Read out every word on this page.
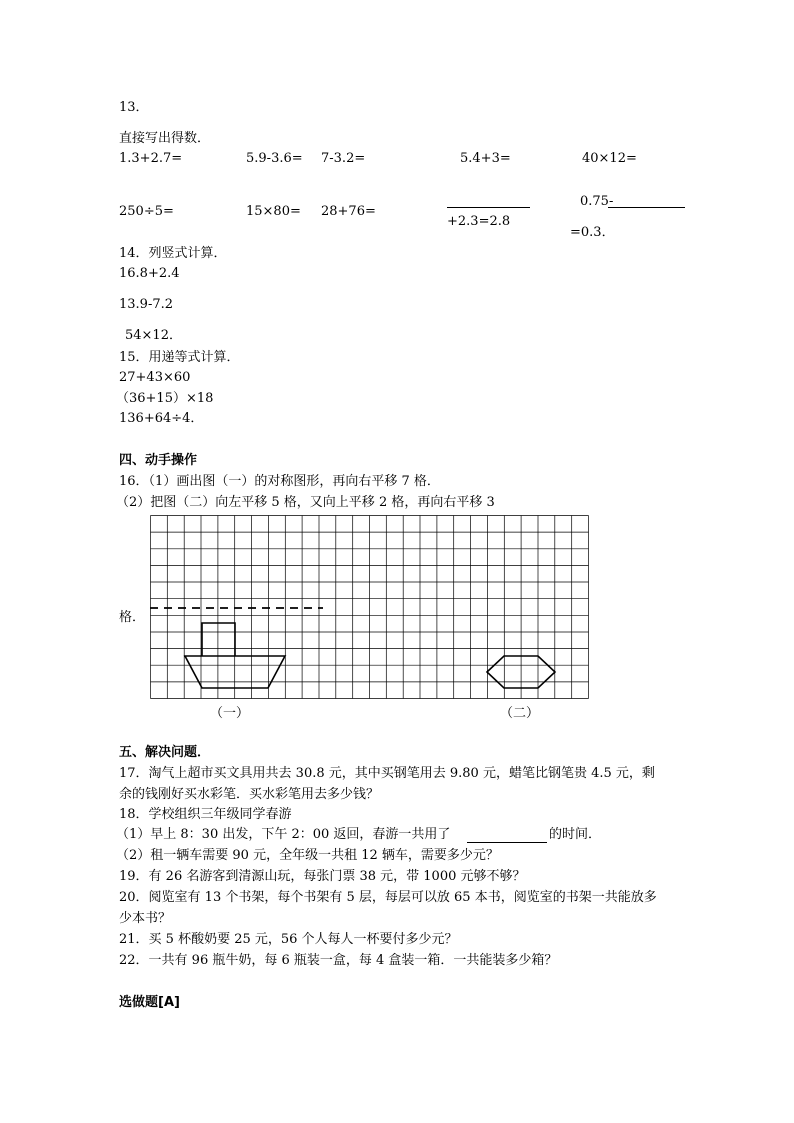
13．
直接写出得数．
1.3+2.7=	5.9-3.6= 7-3.2=	5.4+3=	40×12=
250÷5=	15×80= 28+76=
+2.3=2.8
0.75-
=0.3．
14．列竖式计算．
16.8+2.4
13.9-7.2
54×12．
15．用递等式计算．
27+43×60
（36+15）×18
136+64÷4．
四、动手操作
16．（1）画出图（一）的对称图形，再向右平移 7 格．
（2）把图（二）向左平移 5 格，又向上平移 2 格，再向右平移 3
格．
（一）	（二）
五、解决问题．
17．淘气上超市买文具用共去 30.8 元，其中买钢笔用去 9.80 元，蜡笔比钢笔贵 4.5 元，剩
余的钱刚好买水彩笔．买水彩笔用去多少钱？
18．学校组织三年级同学春游
（1）早上 8：30 出发，下午 2：00 返回，春游一共用了	的时间．
（2）租一辆车需要 90 元，全年级一共租 12 辆车，需要多少元？
19．有 26 名游客到清源山玩，每张门票 38 元，带 1000 元够不够？
20．阅览室有 13 个书架，每个书架有 5 层，每层可以放 65 本书，阅览室的书架一共能放多
少本书？
21．买 5 杯酸奶要 25 元，56 个人每人一杯要付多少元？
22．一共有 96 瓶牛奶，每 6 瓶装一盒，每 4 盒装一箱．一共能装多少箱？
选做题[A]
